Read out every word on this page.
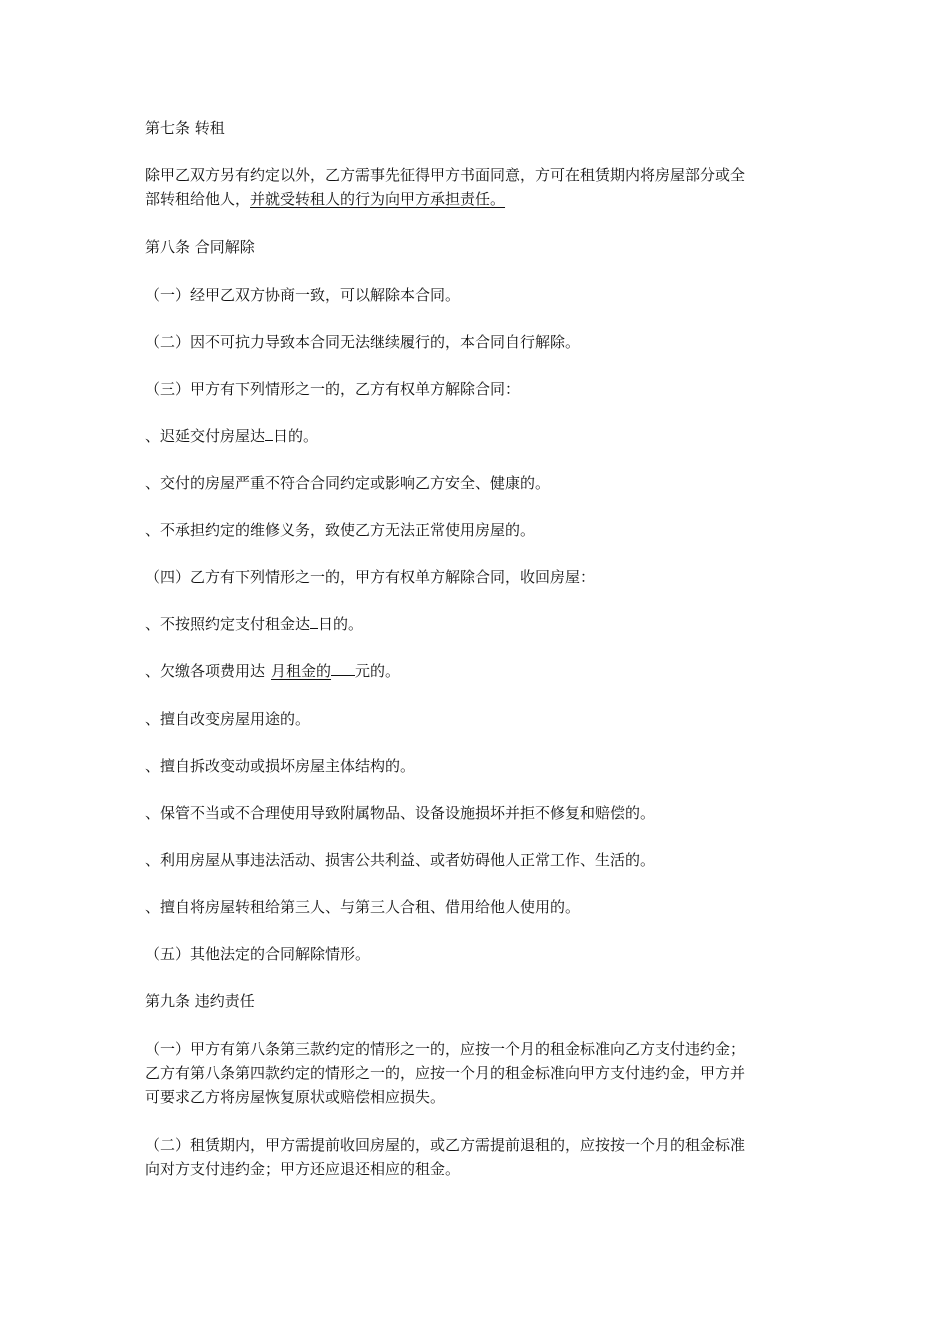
第七条 转租
除甲乙双方另有约定以外，乙方需事先征得甲方书面同意，方可在租赁期内将房屋部分或全
部转租给他人，并就受转租人的行为向甲方承担责任。
第八条 合同解除
（一）经甲乙双方协商一致，可以解除本合同。
（二）因不可抗力导致本合同无法继续履行的，本合同自行解除。
（三）甲方有下列情形之一的，乙方有权单方解除合同：
、迟延交付房屋达 日的。
、交付的房屋严重不符合合同约定或影响乙方安全、健康的。
、不承担约定的维修义务，致使乙方无法正常使用房屋的。
（四）乙方有下列情形之一的，甲方有权单方解除合同，收回房屋：
、不按照约定支付租金达 日的。
、欠缴各项费用达 月租金的 元的。
、擅自改变房屋用途的。
、擅自拆改变动或损坏房屋主体结构的。
、保管不当或不合理使用导致附属物品、设备设施损坏并拒不修复和赔偿的。
、利用房屋从事违法活动、损害公共利益、或者妨碍他人正常工作、生活的。
、擅自将房屋转租给第三人、与第三人合租、借用给他人使用的。
（五）其他法定的合同解除情形。
第九条 违约责任
（一）甲方有第八条第三款约定的情形之一的，应按一个月的租金标准向乙方支付违约金；
乙方有第八条第四款约定的情形之一的，应按一个月的租金标准向甲方支付违约金，甲方并
可要求乙方将房屋恢复原状或赔偿相应损失。
（二）租赁期内，甲方需提前收回房屋的，或乙方需提前退租的，应按按一个月的租金标准
向对方支付违约金；甲方还应退还相应的租金。
